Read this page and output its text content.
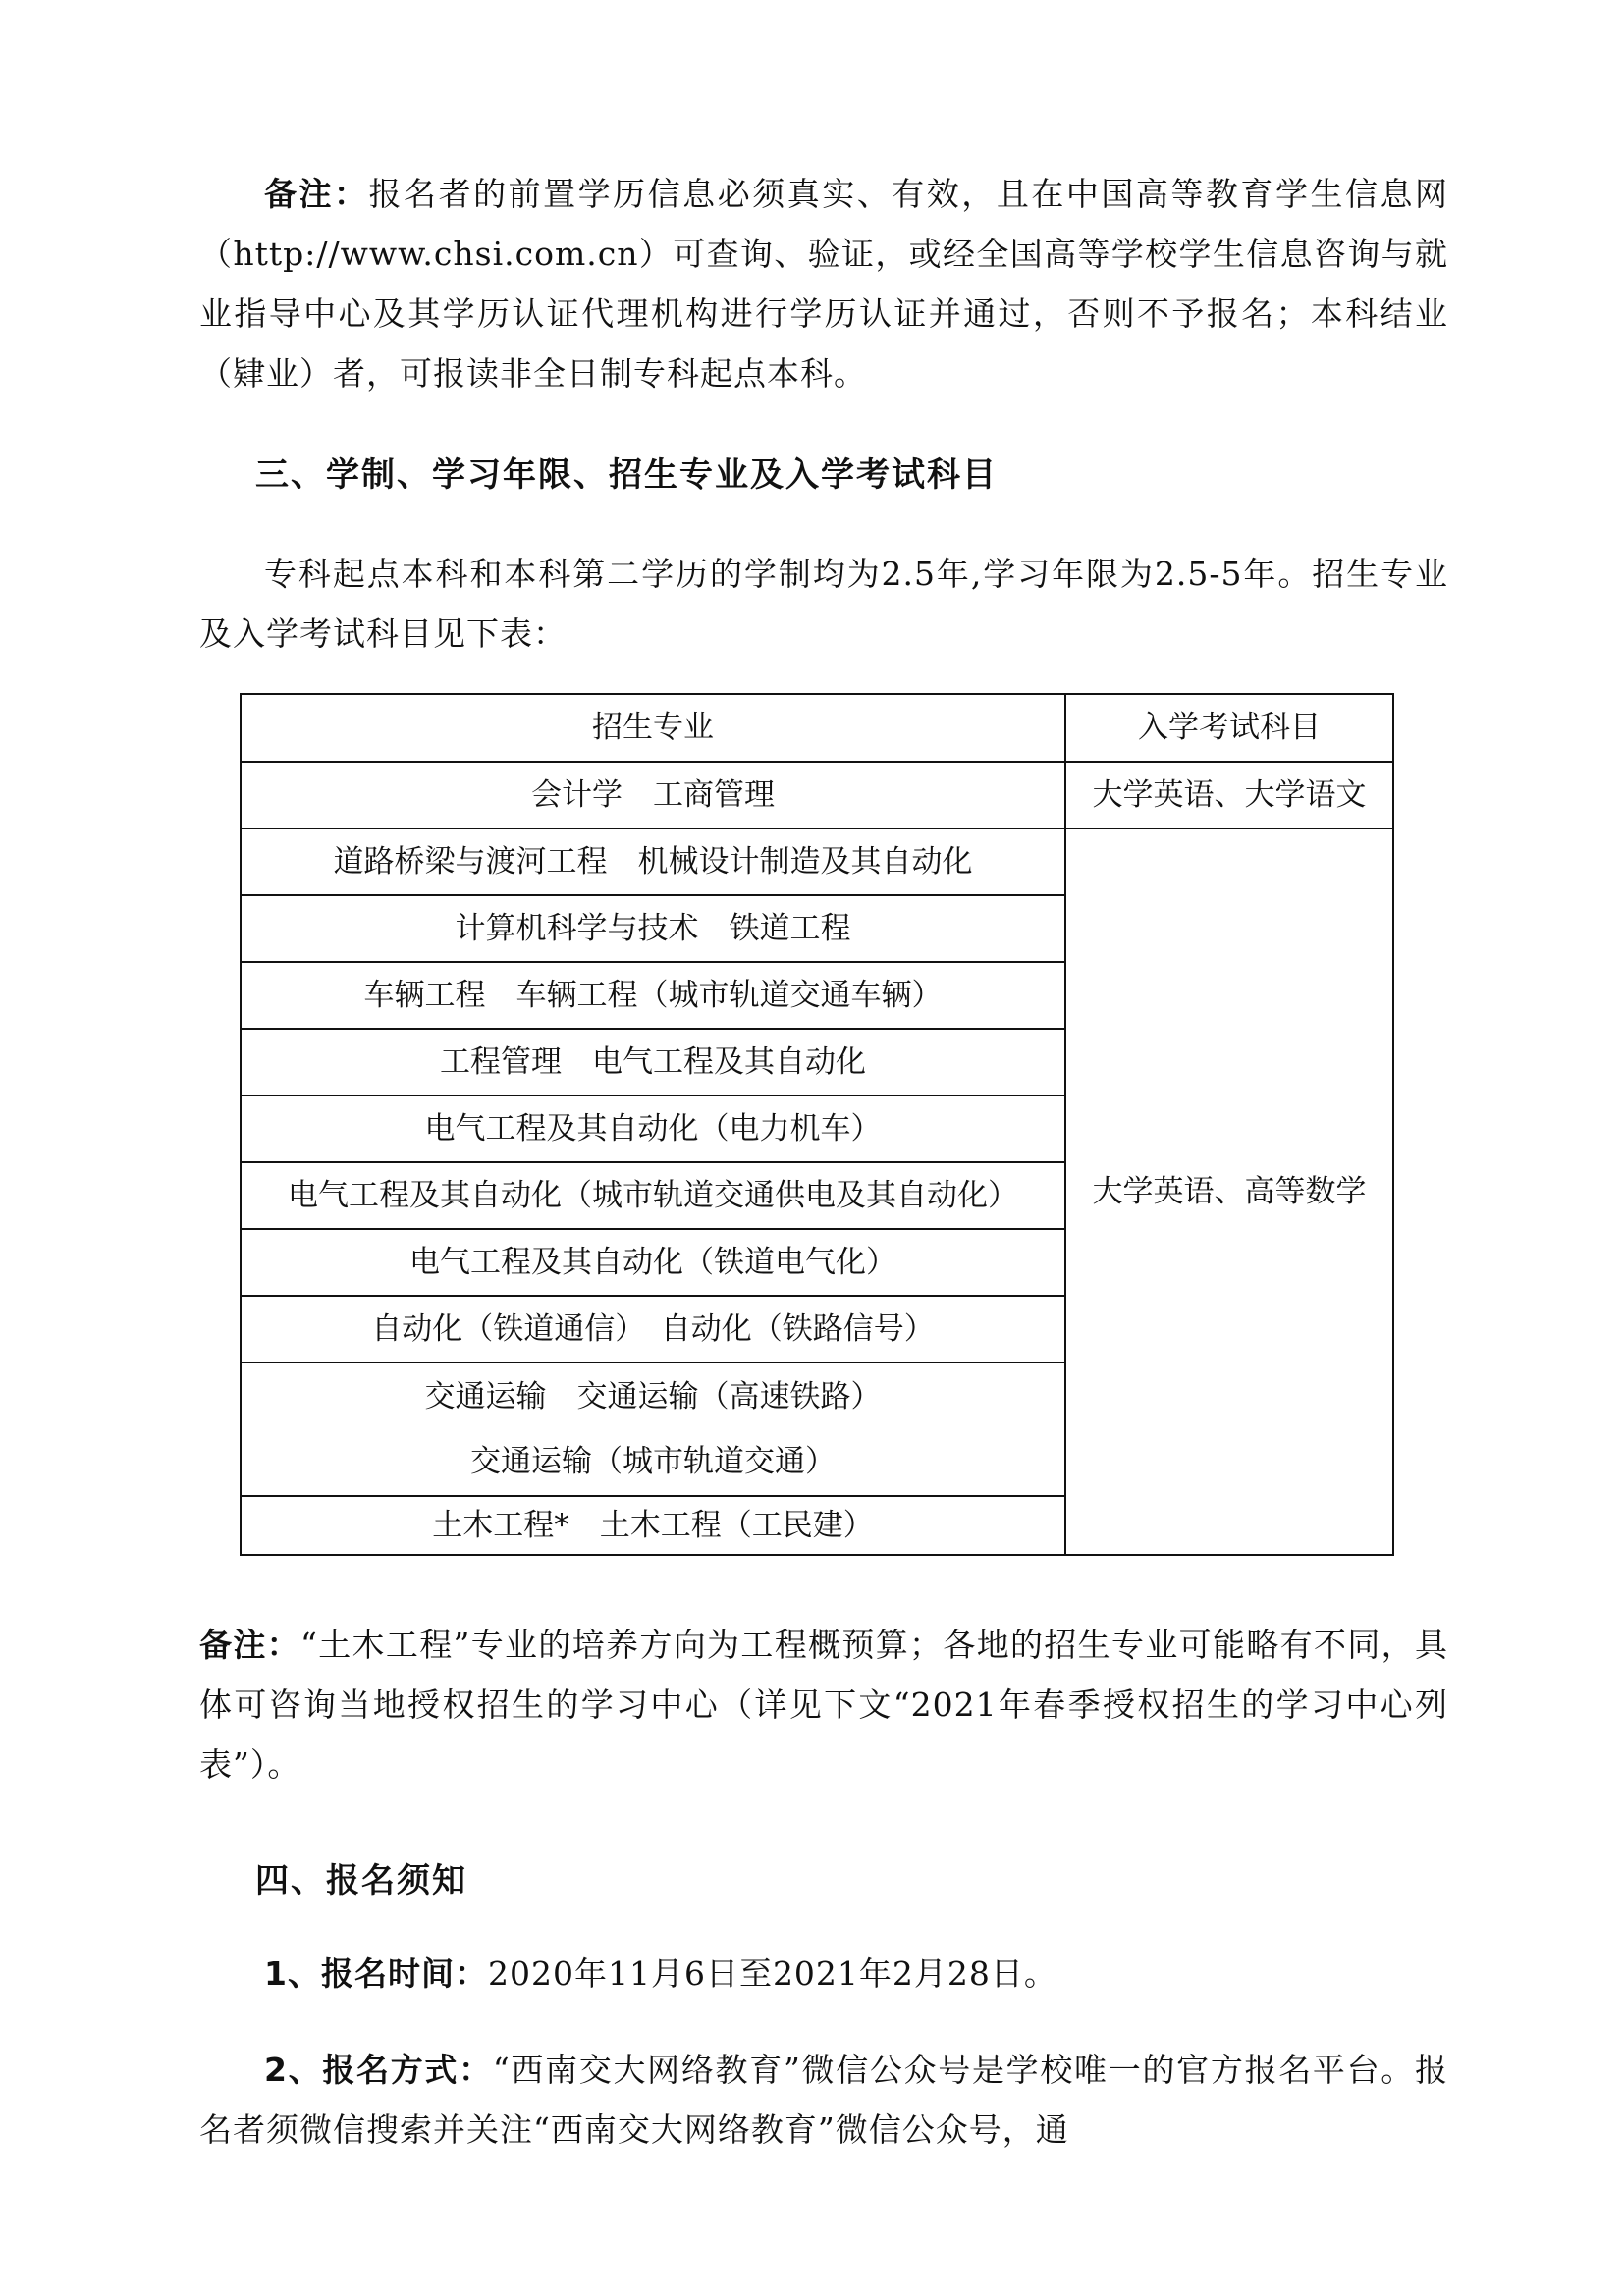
备注：报名者的前置学历信息必须真实、有效，且在中国高等教育学生信息网（http://www.chsi.com.cn）可查询、验证，或经全国高等学校学生信息咨询与就业指导中心及其学历认证代理机构进行学历认证并通过，否则不予报名；本科结业（肄业）者，可报读非全日制专科起点本科。
三、学制、学习年限、招生专业及入学考试科目
专科起点本科和本科第二学历的学制均为2.5年,学习年限为2.5-5年。招生专业及入学考试科目见下表：
招生专业
会计学　工商管理
道路桥梁与渡河工程　机械设计制造及其自动化
计算机科学与技术　铁道工程
车辆工程　车辆工程（城市轨道交通车辆）
工程管理　电气工程及其自动化
电气工程及其自动化（电力机车）
电气工程及其自动化（城市轨道交通供电及其自动化）
电气工程及其自动化（铁道电气化）
自动化（铁道通信）　自动化（铁路信号）
交通运输　交通运输（高速铁路）
交通运输（城市轨道交通）
土木工程*　土木工程（工民建）
入学考试科目
大学英语、大学语文
大学英语、高等数学
备注：“土木工程”专业的培养方向为工程概预算；各地的招生专业可能略有不同，具体可咨询当地授权招生的学习中心（详见下文“2021年春季授权招生的学习中心列表”）。
四、报名须知
1、报名时间：2020年11月6日至2021年2月28日。
2、报名方式：“西南交大网络教育”微信公众号是学校唯一的官方报名平台。报名者须微信搜索并关注“西南交大网络教育”微信公众号，通
